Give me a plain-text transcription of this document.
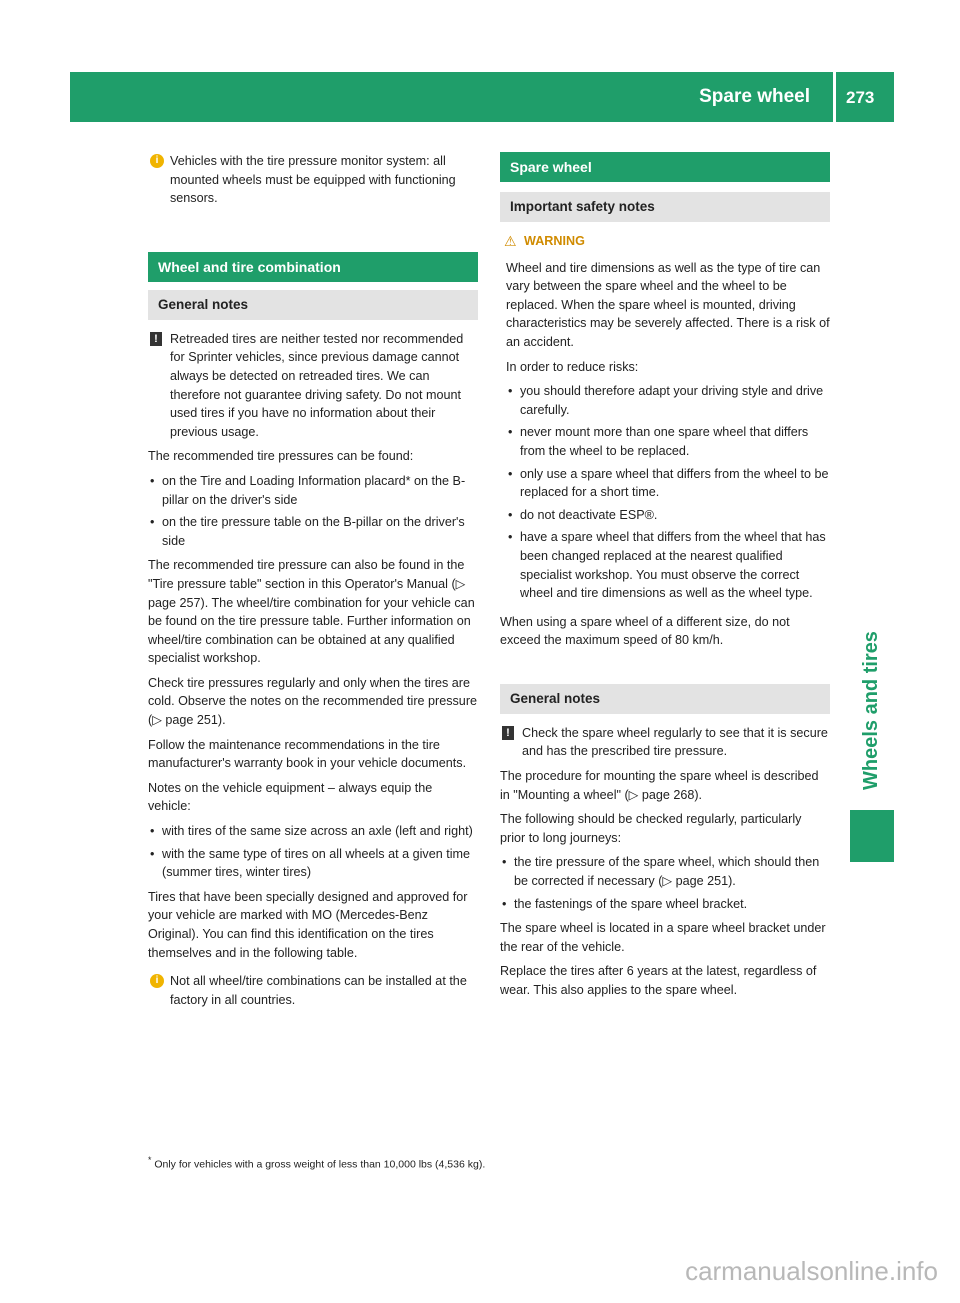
Spare wheel 273
Wheels and tires
i Vehicles with the tire pressure monitor system: all mounted wheels must be equipped with functioning sensors.
Wheel and tire combination
General notes
! Retreaded tires are neither tested nor recommended for Sprinter vehicles, since previous damage cannot always be detected on retreaded tires. We can therefore not guarantee driving safety. Do not mount used tires if you have no information about their previous usage.

The recommended tire pressures can be found:

• on the Tire and Loading Information placard* on the B-pillar on the driver's side
• on the tire pressure table on the B-pillar on the driver's side

The recommended tire pressure can also be found in the "Tire pressure table" section in this Operator's Manual (▷ page 257). The wheel/tire combination for your vehicle can be found on the tire pressure table. Further information on wheel/tire combination can be obtained at any qualified specialist workshop.

Check tire pressures regularly and only when the tires are cold. Observe the notes on the recommended tire pressure (▷ page 251).

Follow the maintenance recommendations in the tire manufacturer's warranty book in your vehicle documents.

Notes on the vehicle equipment – always equip the vehicle:

• with tires of the same size across an axle (left and right)
• with the same type of tires on all wheels at a given time (summer tires, winter tires)

Tires that have been specially designed and approved for your vehicle are marked with MO (Mercedes-Benz Original). You can find this identification on the tires themselves and in the following table.

i Not all wheel/tire combinations can be installed at the factory in all countries.
Spare wheel
Important safety notes
⚠ WARNING

Wheel and tire dimensions as well as the type of tire can vary between the spare wheel and the wheel to be replaced. When the spare wheel is mounted, driving characteristics may be severely affected. There is a risk of an accident.

In order to reduce risks:

• you should therefore adapt your driving style and drive carefully.
• never mount more than one spare wheel that differs from the wheel to be replaced.
• only use a spare wheel that differs from the wheel to be replaced for a short time.
• do not deactivate ESP®.
• have a spare wheel that differs from the wheel that has been changed replaced at the nearest qualified specialist workshop. You must observe the correct wheel and tire dimensions as well as the wheel type.

When using a spare wheel of a different size, do not exceed the maximum speed of 80 km/h.

General notes
! Check the spare wheel regularly to see that it is secure and has the prescribed tire pressure.

The procedure for mounting the spare wheel is described in "Mounting a wheel" (▷ page 268).

The following should be checked regularly, particularly prior to long journeys:

• the tire pressure of the spare wheel, which should then be corrected if necessary (▷ page 251).
• the fastenings of the spare wheel bracket.

The spare wheel is located in a spare wheel bracket under the rear of the vehicle.

Replace the tires after 6 years at the latest, regardless of wear. This also applies to the spare wheel.

* Only for vehicles with a gross weight of less than 10,000 lbs (4,536 kg).
carmanualsonline.info
